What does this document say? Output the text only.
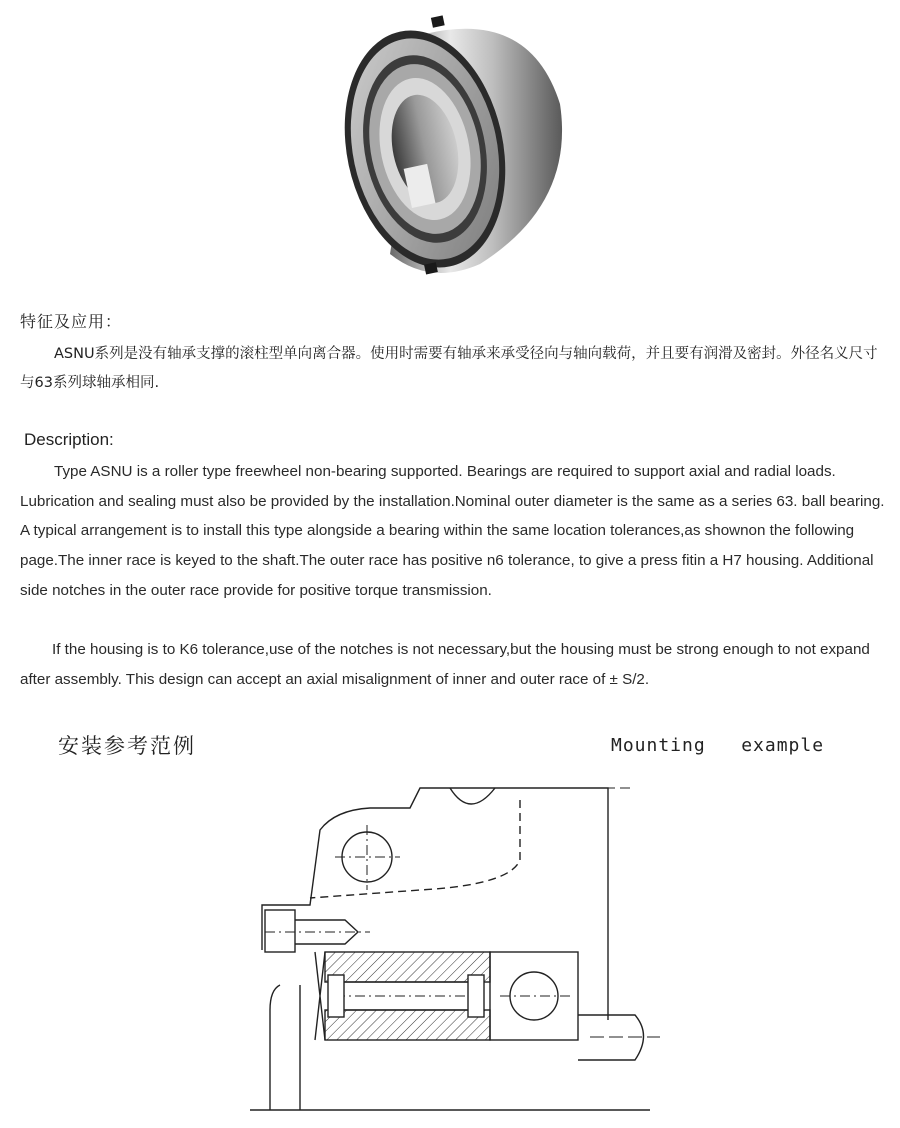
特征及应用：

ASNU系列是没有轴承支撑的滚柱型单向离合器。使用时需要有轴承来承受径向与轴向载荷，并且要有润滑及密封。外径名义尺寸与63系列球轴承相同.

Description:

Type ASNU is a roller type freewheel non-bearing supported. Bearings are required to support axial and radial loads. Lubrication and sealing must also be provided by the installation.Nominal outer diameter is the same as a series 63. ball bearing. A typical arrangement is to install this type alongside a bearing within the same location tolerances,as shownon the following page.The inner race is keyed to the shaft.The outer race has positive n6 tolerance, to give a press fitin a H7 housing. Additional side notches in the outer race provide for positive torque transmission.

If the housing is to K6 tolerance,use of the notches is not necessary,but the housing must be strong enough to not expand after assembly. This design can accept an axial misalignment of inner and outer race of ± S/2.

安装参考范例	Mounting   example
